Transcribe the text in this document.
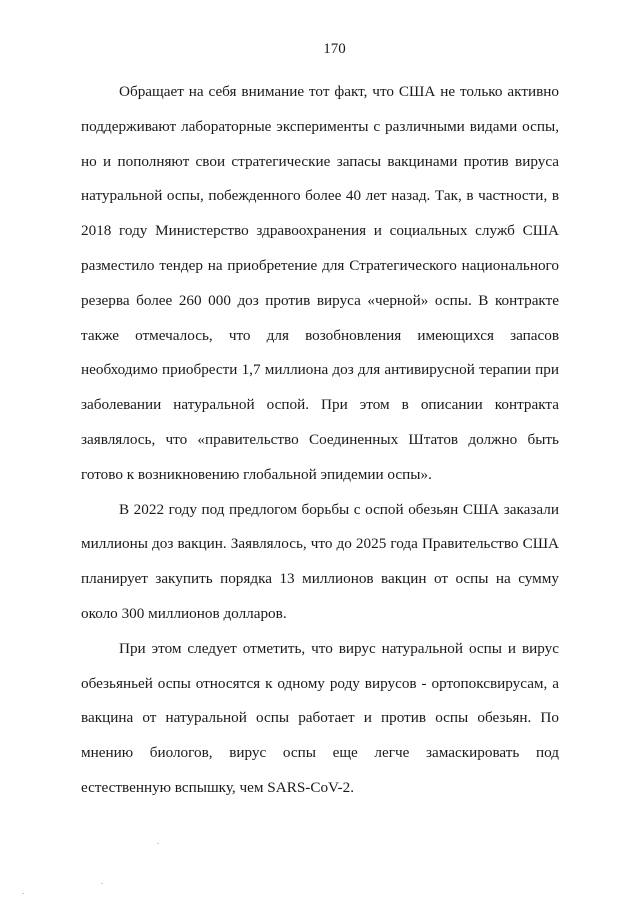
170

Обращает на себя внимание тот факт, что США не только активно поддерживают лабораторные эксперименты с различными видами оспы, но и пополняют свои стратегические запасы вакцинами против вируса натуральной оспы, побежденного более 40 лет назад. Так, в частности, в 2018 году Министерство здравоохранения и социальных служб США разместило тендер на приобретение для Стратегического национального резерва более 260 000 доз против вируса «черной» оспы. В контракте также отмечалось, что для возобновления имеющихся запасов необходимо приобрести 1,7 миллиона доз для антивирусной терапии при заболевании натуральной оспой. При этом в описании контракта заявлялось, что «правительство Соединенных Штатов должно быть готово к возникновению глобальной эпидемии оспы».

В 2022 году под предлогом борьбы с оспой обезьян США заказали миллионы доз вакцин. Заявлялось, что до 2025 года Правительство США планирует закупить порядка 13 миллионов вакцин от оспы на сумму около 300 миллионов долларов.

При этом следует отметить, что вирус натуральной оспы и вирус обезьяньей оспы относятся к одному роду вирусов - ортопоксвирусам, а вакцина от натуральной оспы работает и против оспы обезьян. По мнению биологов, вирус оспы еще легче замаскировать под естественную вспышку, чем SARS-CoV-2.
